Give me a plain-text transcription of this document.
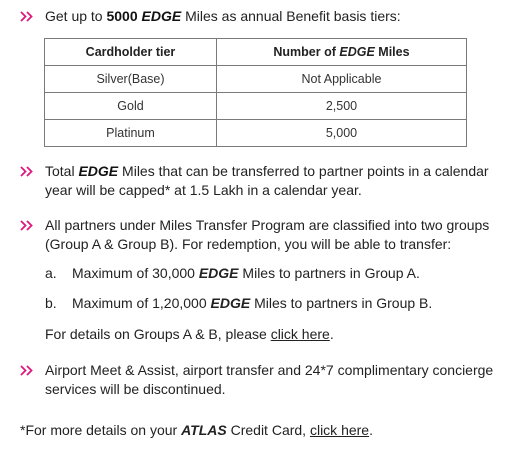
Get up to 5000 EDGE Miles as annual Benefit basis tiers:
Cardholder tier	Number of EDGE Miles
Silver(Base)	Not Applicable
Gold	2,500
Platinum	5,000
Total EDGE Miles that can be transferred to partner points in a calendar year will be capped* at 1.5 Lakh in a calendar year.
All partners under Miles Transfer Program are classified into two groups (Group A & Group B). For redemption, you will be able to transfer:
a. Maximum of 30,000 EDGE Miles to partners in Group A.
b. Maximum of 1,20,000 EDGE Miles to partners in Group B.
For details on Groups A & B, please click here.
Airport Meet & Assist, airport transfer and 24*7 complimentary concierge services will be discontinued.
*For more details on your ATLAS Credit Card, click here.
